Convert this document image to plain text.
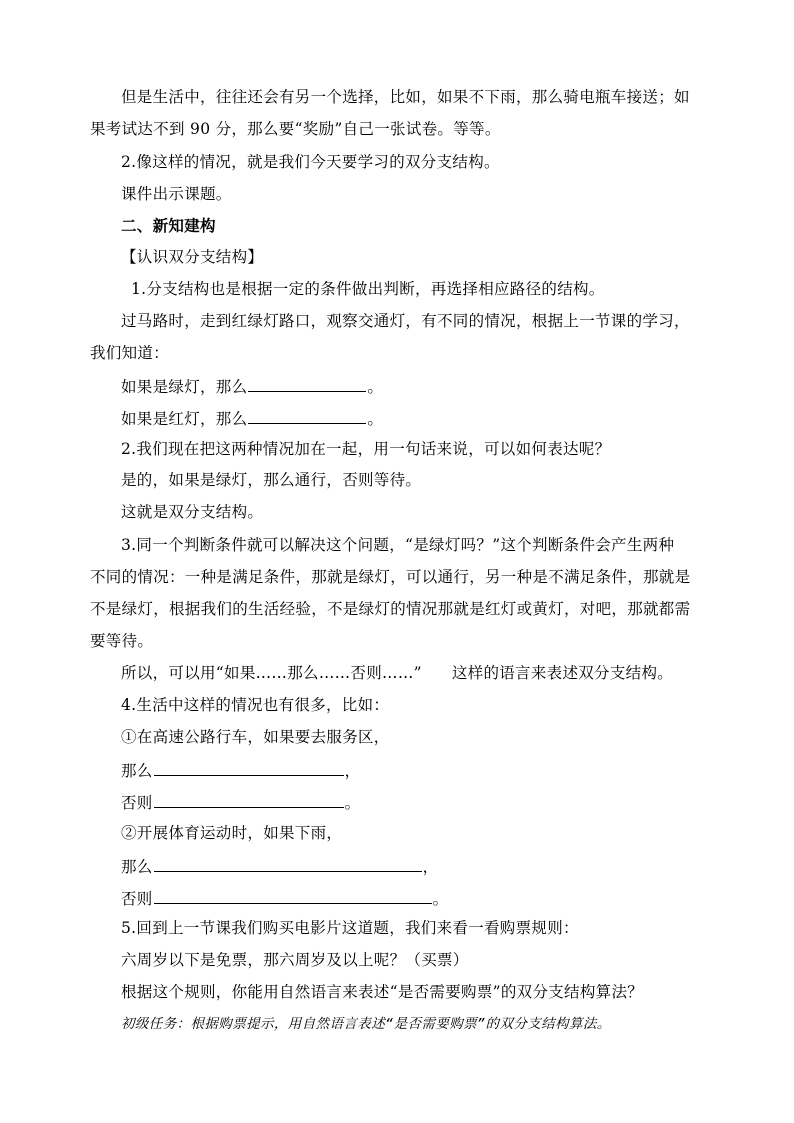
但是生活中，往往还会有另一个选择，比如，如果不下雨，那么骑电瓶车接送；如
果考试达不到 90 分，那么要“奖励”自己一张试卷。等等。
2.像这样的情况，就是我们今天要学习的双分支结构。
课件出示课题。
二、新知建构
【认识双分支结构】
1.分支结构也是根据一定的条件做出判断，再选择相应路径的结构。
过马路时，走到红绿灯路口，观察交通灯，有不同的情况，根据上一节课的学习，
我们知道：
如果是绿灯，那么	。
如果是红灯，那么	。
2.我们现在把这两种情况加在一起，用一句话来说，可以如何表达呢？
是的，如果是绿灯，那么通行，否则等待。
这就是双分支结构。
3.同一个判断条件就可以解决这个问题，“是绿灯吗？”这个判断条件会产生两种
不同的情况：一种是满足条件，那就是绿灯，可以通行，另一种是不满足条件，那就是
不是绿灯，根据我们的生活经验，不是绿灯的情况那就是红灯或黄灯，对吧，那就都需
要等待。
所以，可以用“如果……那么……否则……” 这样的语言来表述双分支结构。
4.生活中这样的情况也有很多，比如：
①在高速公路行车，如果要去服务区，
那么	，
否则	。
②开展体育运动时，如果下雨，
那么	，
否则	。
5.回到上一节课我们购买电影片这道题，我们来看一看购票规则：
六周岁以下是免票，那六周岁及以上呢？（买票）
根据这个规则，你能用自然语言来表述“是否需要购票”的双分支结构算法？
初级任务：根据购票提示，用自然语言表述“是否需要购票”的双分支结构算法。
